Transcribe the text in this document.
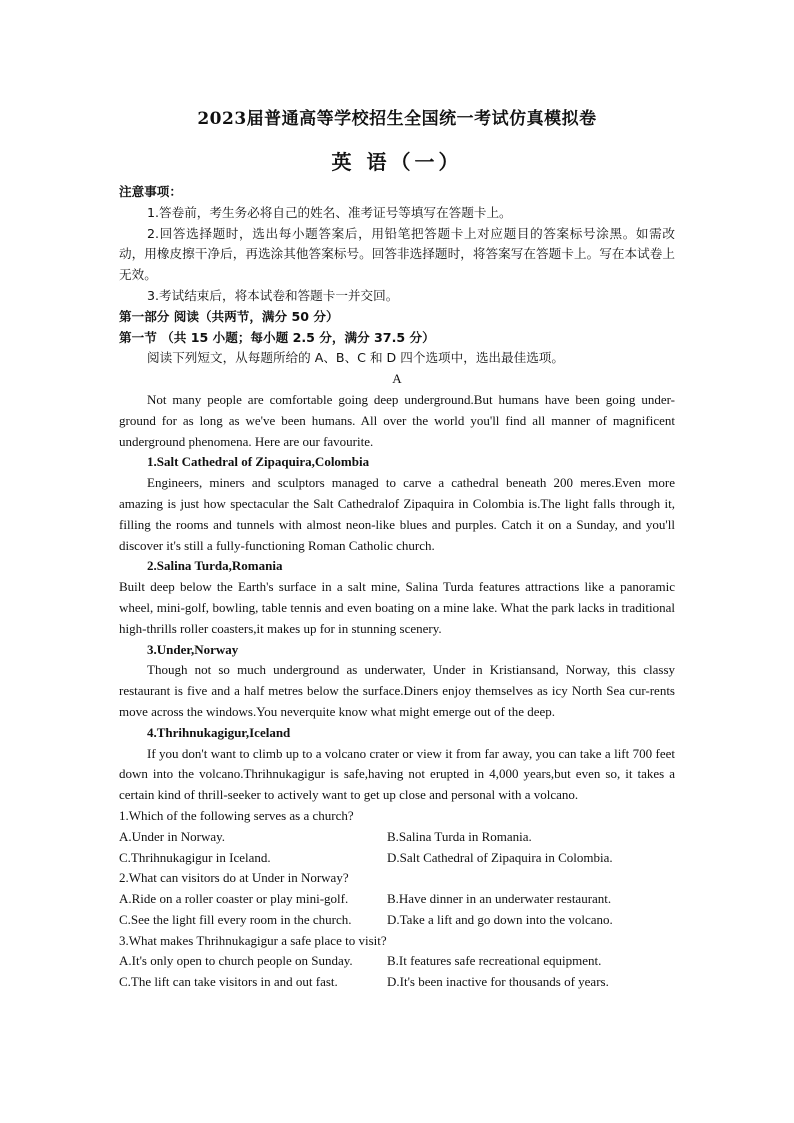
2023届普通高等学校招生全国统一考试仿真模拟卷
英 语（一）

注意事项：

1.答卷前，考生务必将自己的姓名、准考证号等填写在答题卡上。

2.回答选择题时，选出每小题答案后，用铅笔把答题卡上对应题目的答案标号涂黑。如需改动，用橡皮擦干净后，再选涂其他答案标号。回答非选择题时，将答案写在答题卡上。写在本试卷上无效。

3.考试结束后，将本试卷和答题卡一并交回。

第一部分 阅读（共两节，满分 50 分）

第一节 （共 15 小题；每小题 2.5 分，满分 37.5 分）

阅读下列短文，从每题所给的 A、B、C 和 D 四个选项中，选出最佳选项。

A

Not many people are comfortable going deep underground.But humans have been going under-ground for as long as we've been humans. All over the world you'll find all manner of magnificent underground phenomena. Here are our favourite.

1.Salt Cathedral of Zipaquira,Colombia

Engineers, miners and sculptors managed to carve a cathedral beneath 200 meres.Even more amazing is just how spectacular the Salt Cathedralof Zipaquira in Colombia is.The light falls through it, filling the rooms and tunnels with almost neon-like blues and purples. Catch it on a Sunday, and you'll discover it's still a fully-functioning Roman Catholic church.

2.Salina Turda,Romania

Built deep below the Earth's surface in a salt mine, Salina Turda features attractions like a panoramic wheel, mini-golf, bowling, table tennis and even boating on a mine lake. What the park lacks in traditional high-thrills roller coasters,it makes up for in stunning scenery.

3.Under,Norway

Though not so much underground as underwater, Under in Kristiansand, Norway, this classy restaurant is five and a half metres below the surface.Diners enjoy themselves as icy North Sea cur-rents move across the windows.You neverquite know what might emerge out of the deep.

4.Thrihnukagigur,Iceland

If you don't want to climb up to a volcano crater or view it from far away, you can take a lift 700 feet down into the volcano.Thrihnukagigur is safe,having not erupted in 4,000 years,but even so, it takes a certain kind of thrill-seeker to actively want to get up close and personal with a volcano.

1.Which of the following serves as a church?

A.Under in Norway.	B.Salina Turda in Romania.
C.Thrihnukagigur in Iceland.	D.Salt Cathedral of Zipaquira in Colombia.

2.What can visitors do at Under in Norway?

A.Ride on a roller coaster or play mini-golf.	B.Have dinner in an underwater restaurant.
C.See the light fill every room in the church.	D.Take a lift and go down into the volcano.

3.What makes Thrihnukagigur a safe place to visit?

A.It's only open to church people on Sunday.	B.It features safe recreational equipment.
C.The lift can take visitors in and out fast.	D.It's been inactive for thousands of years.
